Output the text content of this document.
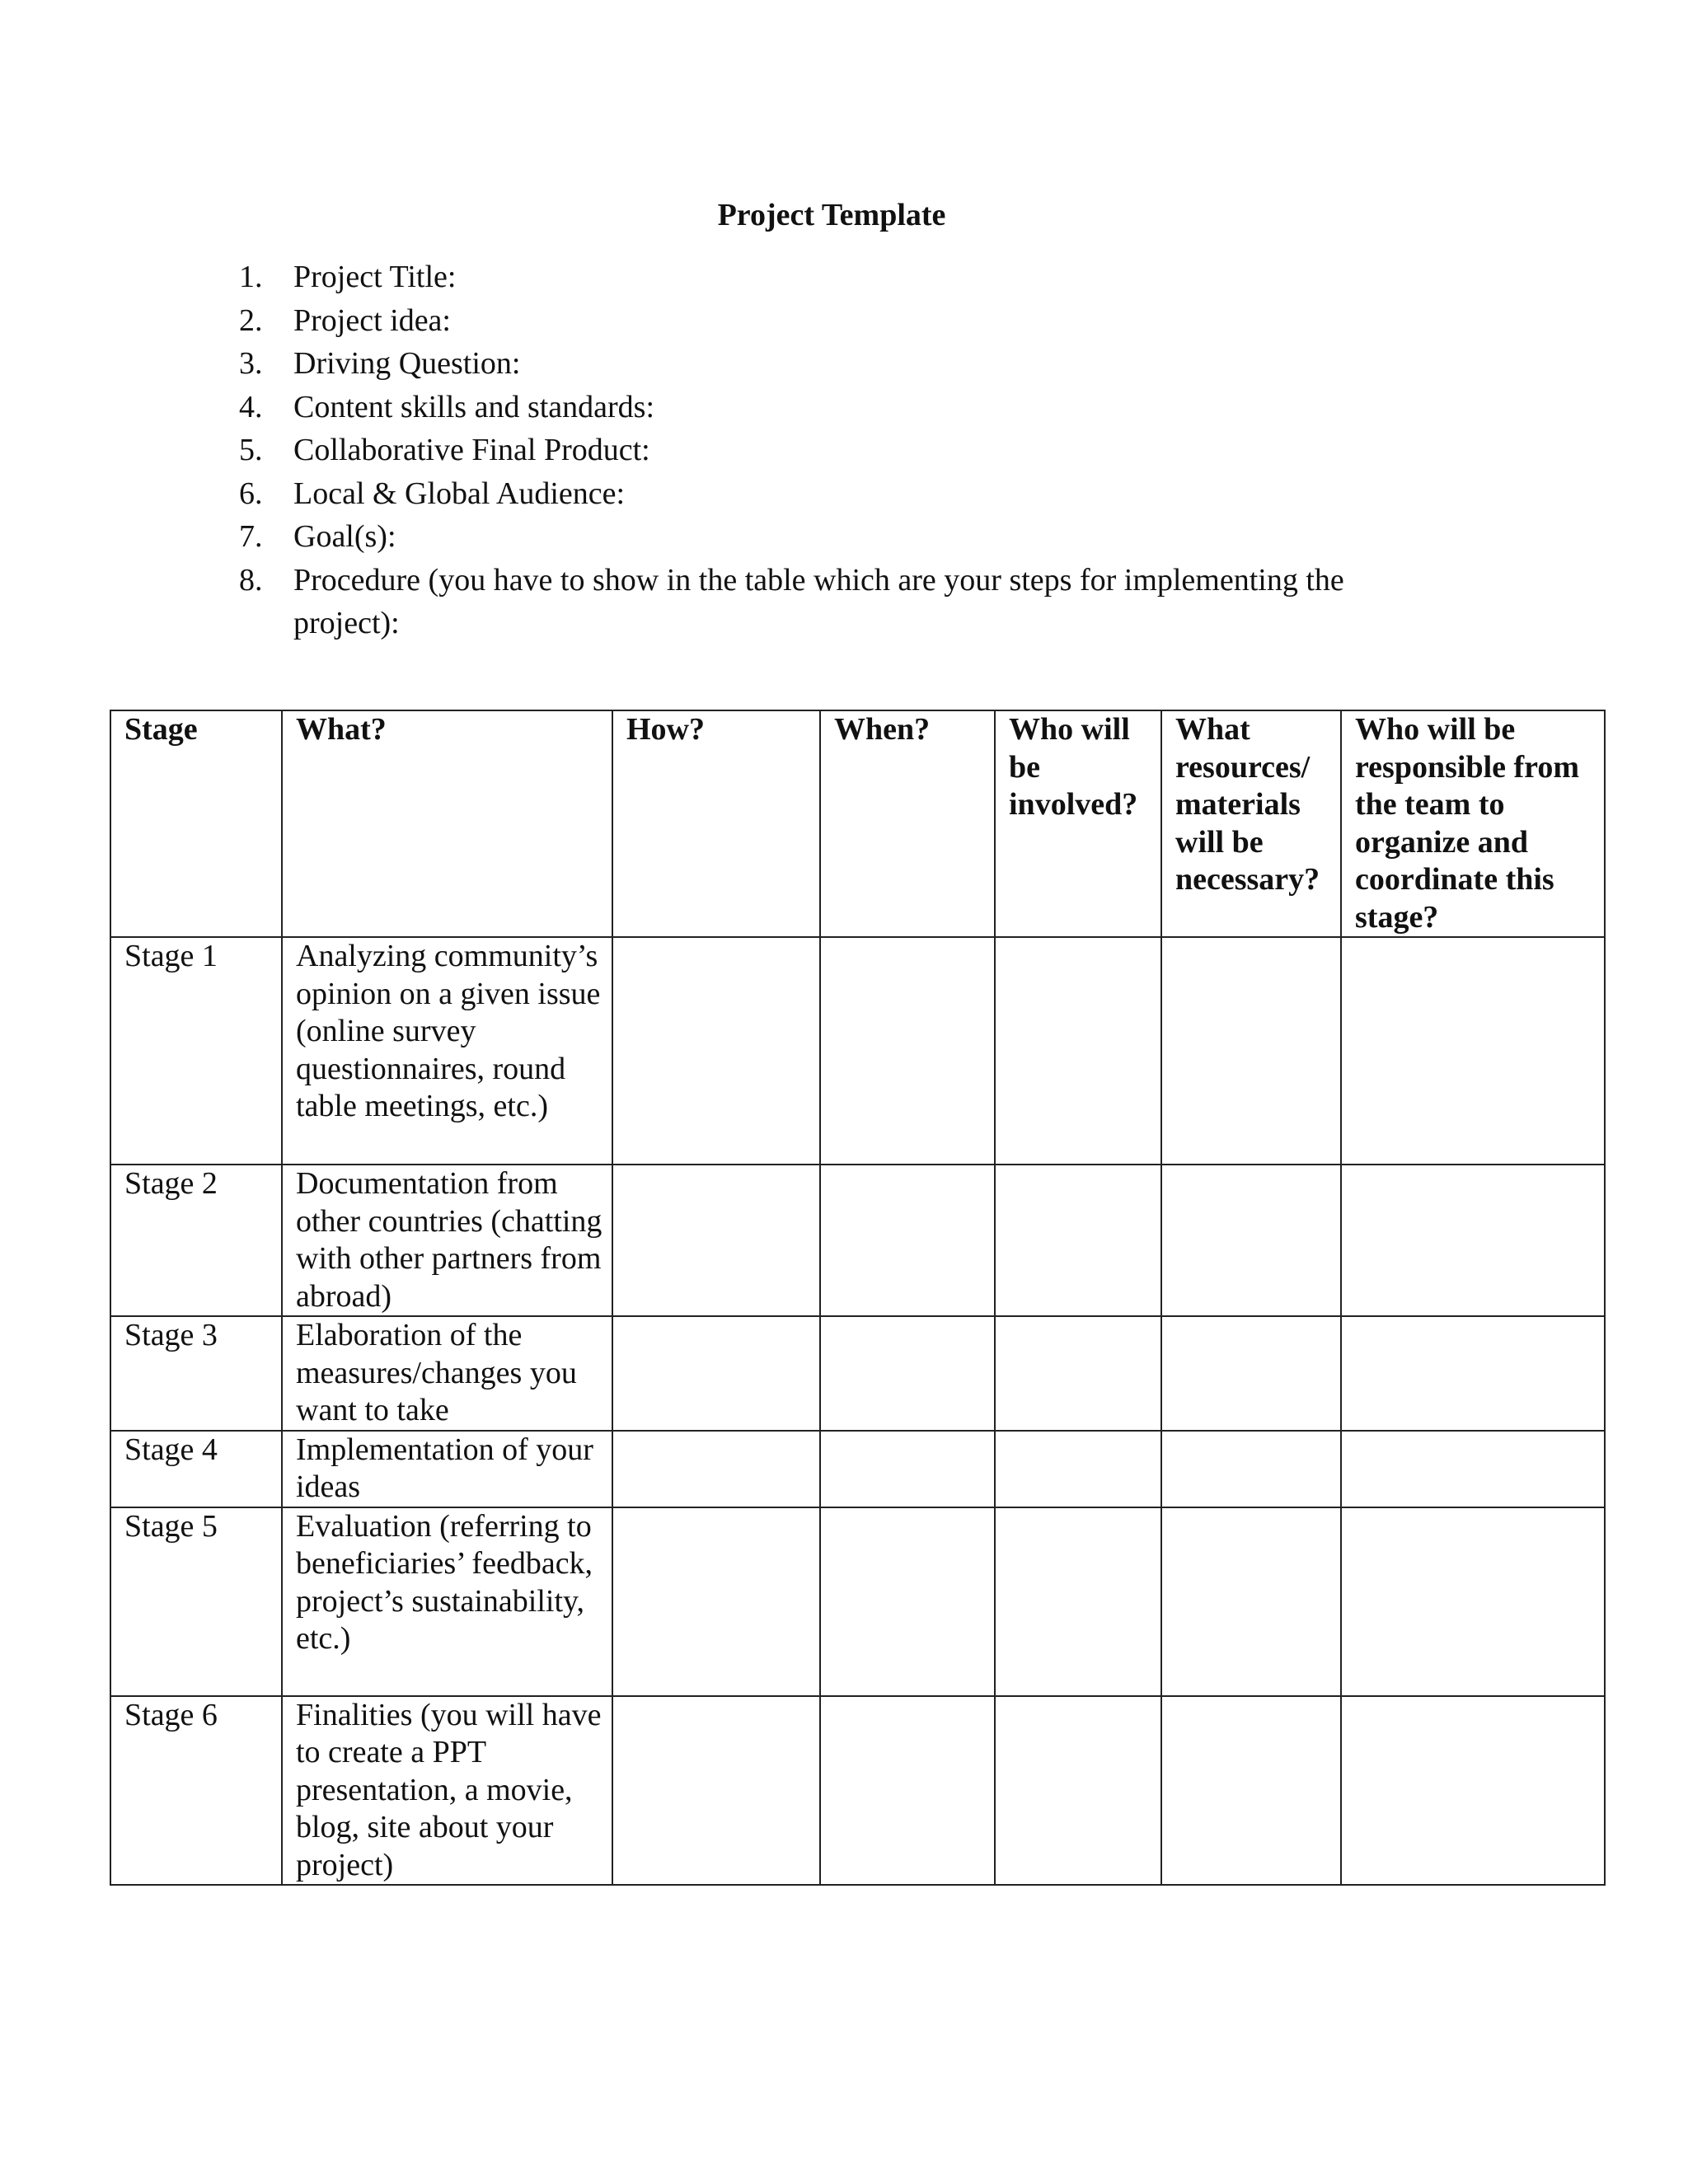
Project Template
1. Project Title:
2. Project idea:
3. Driving Question:
4. Content skills and standards:
5. Collaborative Final Product:
6. Local & Global Audience:
7. Goal(s):
8. Procedure (you have to show in the table which are your steps for implementing the project):
Stage	What?	How?	When?	Who will be involved?	What resources/ materials will be necessary?	Who will be responsible from the team to organize and coordinate this stage?
Stage 1	Analyzing community’s opinion on a given issue (online survey questionnaires, round table meetings, etc.)					
Stage 2	Documentation from other countries (chatting with other partners from abroad)					
Stage 3	Elaboration of the measures/changes you want to take					
Stage 4	Implementation of your ideas					
Stage 5	Evaluation (referring to beneficiaries’ feedback, project’s sustainability, etc.)					
Stage 6	Finalities (you will have to create a PPT presentation, a movie, blog, site about your project)					
